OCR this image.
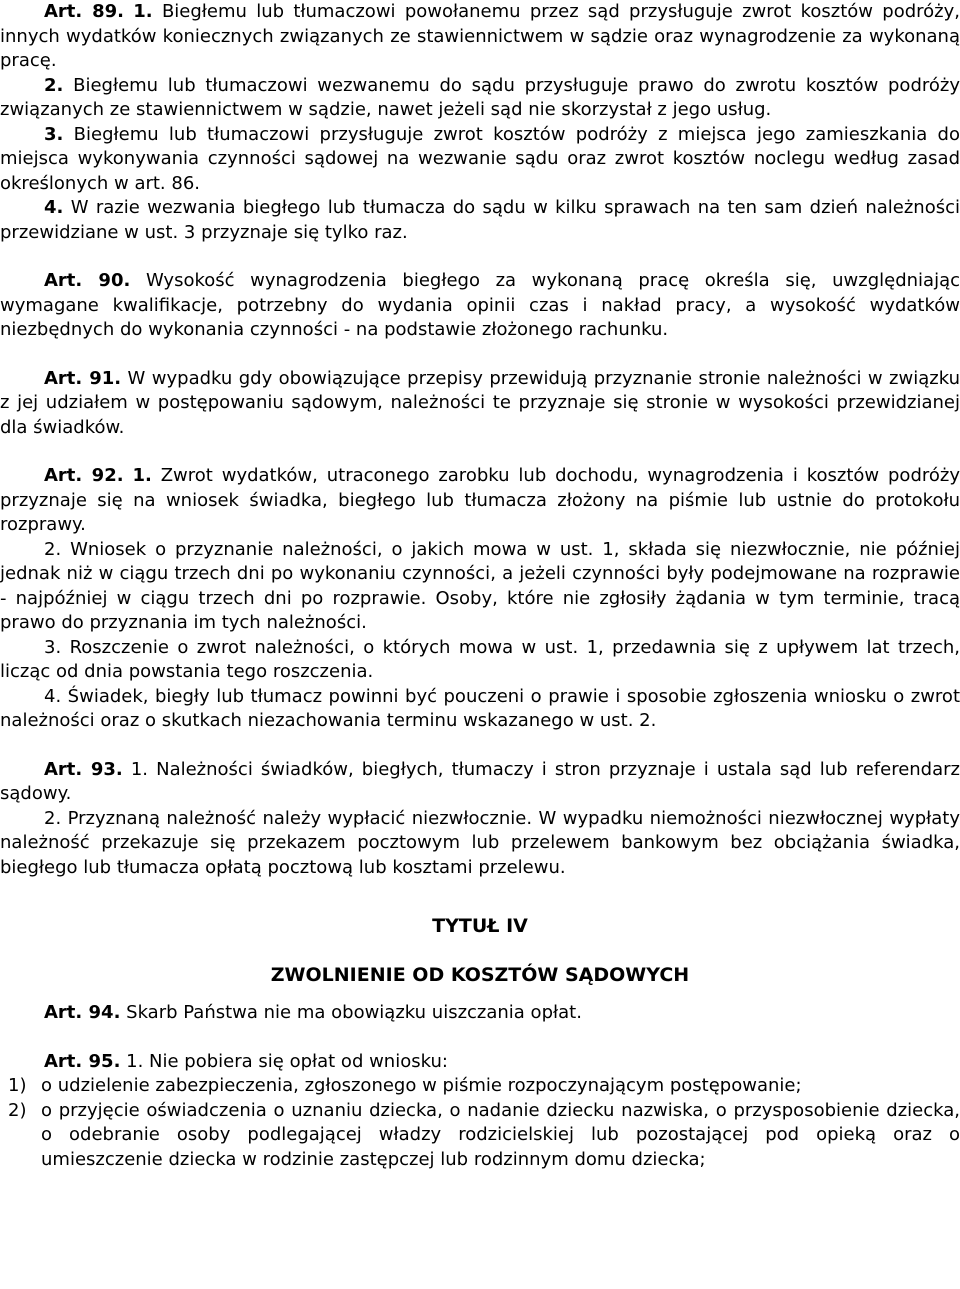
Art. 89. 1. Biegłemu lub tłumaczowi powołanemu przez sąd przysługuje zwrot kosztów podróży, innych wydatków koniecznych związanych ze stawiennictwem w sądzie oraz wynagrodzenie za wykonaną pracę.

2. Biegłemu lub tłumaczowi wezwanemu do sądu przysługuje prawo do zwrotu kosztów podróży związanych ze stawiennictwem w sądzie, nawet jeżeli sąd nie skorzystał z jego usług.

3. Biegłemu lub tłumaczowi przysługuje zwrot kosztów podróży z miejsca jego zamieszkania do miejsca wykonywania czynności sądowej na wezwanie sądu oraz zwrot kosztów noclegu według zasad określonych w art. 86.

4. W razie wezwania biegłego lub tłumacza do sądu w kilku sprawach na ten sam dzień należności przewidziane w ust. 3 przyznaje się tylko raz.

Art. 90. Wysokość wynagrodzenia biegłego za wykonaną pracę określa się, uwzględniając wymagane kwalifikacje, potrzebny do wydania opinii czas i nakład pracy, a wysokość wydatków niezbędnych do wykonania czynności - na podstawie złożonego rachunku.

Art. 91. W wypadku gdy obowiązujące przepisy przewidują przyznanie stronie należności w związku z jej udziałem w postępowaniu sądowym, należności te przyznaje się stronie w wysokości przewidzianej dla świadków.

Art. 92. 1. Zwrot wydatków, utraconego zarobku lub dochodu, wynagrodzenia i kosztów podróży przyznaje się na wniosek świadka, biegłego lub tłumacza złożony na piśmie lub ustnie do protokołu rozprawy.

2. Wniosek o przyznanie należności, o jakich mowa w ust. 1, składa się niezwłocznie, nie później jednak niż w ciągu trzech dni po wykonaniu czynności, a jeżeli czynności były podejmowane na rozprawie - najpóźniej w ciągu trzech dni po rozprawie. Osoby, które nie zgłosiły żądania w tym terminie, tracą prawo do przyznania im tych należności.

3. Roszczenie o zwrot należności, o których mowa w ust. 1, przedawnia się z upływem lat trzech, licząc od dnia powstania tego roszczenia.

4. Świadek, biegły lub tłumacz powinni być pouczeni o prawie i sposobie zgłoszenia wniosku o zwrot należności oraz o skutkach niezachowania terminu wskazanego w ust. 2.

Art. 93. 1. Należności świadków, biegłych, tłumaczy i stron przyznaje i ustala sąd lub referendarz sądowy.

2. Przyznaną należność należy wypłacić niezwłocznie. W wypadku niemożności niezwłocznej wypłaty należność przekazuje się przekazem pocztowym lub przelewem bankowym bez obciążania świadka, biegłego lub tłumacza opłatą pocztową lub kosztami przelewu.

TYTUŁ IV

ZWOLNIENIE OD KOSZTÓW SĄDOWYCH

Art. 94. Skarb Państwa nie ma obowiązku uiszczania opłat.

Art. 95. 1. Nie pobiera się opłat od wniosku:

1) o udzielenie zabezpieczenia, zgłoszonego w piśmie rozpoczynającym postępowanie;
2) o przyjęcie oświadczenia o uznaniu dziecka, o nadanie dziecku nazwiska, o przysposobienie dziecka, o odebranie osoby podlegającej władzy rodzicielskiej lub pozostającej pod opieką oraz o umieszczenie dziecka w rodzinie zastępczej lub rodzinnym domu dziecka;
